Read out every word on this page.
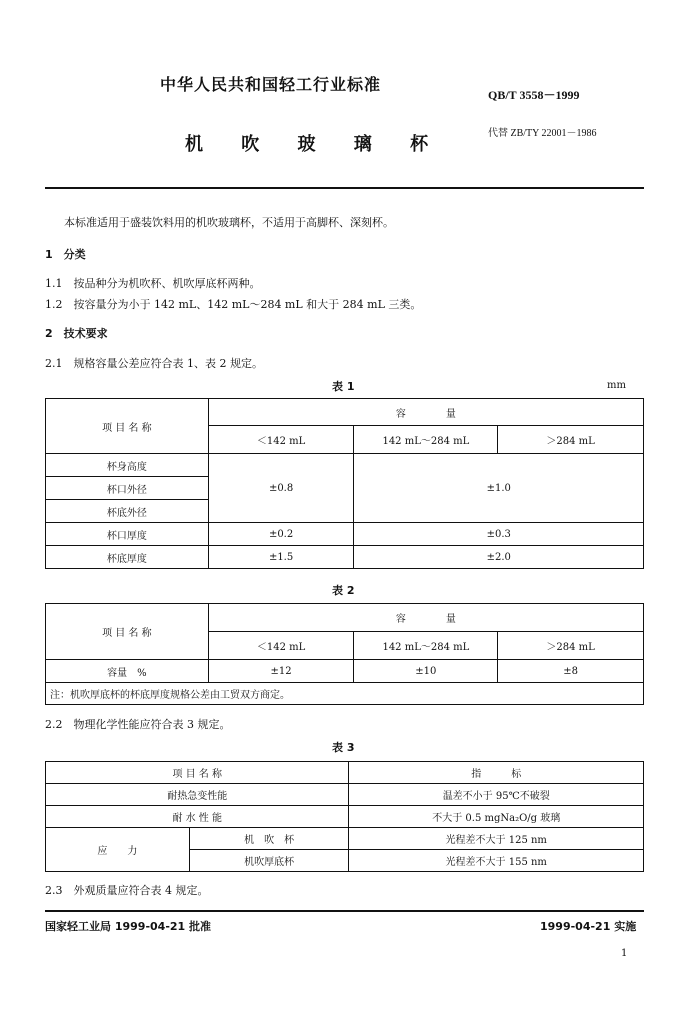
中华人民共和国轻工行业标准
QB/T 3558－1999
机 吹 玻 璃 杯
代替 ZB/TY 22001－1986
本标准适用于盛装饮料用的机吹玻璃杯，不适用于高脚杯、深刻杯。
1　分类
1.1　按品种分为机吹杯、机吹厚底杯两种。
1.2　按容量分为小于 142 mL、142 mL～284 mL 和大于 284 mL 三类。
2　技术要求
2.1　规格容量公差应符合表 1、表 2 规定。
表 1	mm
项 目 名 称	容　　　　量		
	＜142 mL	142 mL～284 mL	＞284 mL
杯身高度	±0.8	±1.0	
杯口外径			
杯底外径			
杯口厚度	±0.2	±0.3	
杯底厚度	±1.5	±2.0	
表 2
项 目 名 称	容　　　　量		
	＜142 mL	142 mL～284 mL	＞284 mL
容量　%	±12	±10	±8
注：机吹厚底杯的杯底厚度规格公差由工贸双方商定。			
2.2　物理化学性能应符合表 3 规定。
表 3
项 目 名 称		指　　　标
耐热急变性能		温差不小于 95℃不破裂
耐 水 性 能		不大于 0.5 mgNa₂O/g 玻璃
应　　力	机　吹　杯	光程差不大于 125 nm
	机吹厚底杯	光程差不大于 155 nm
2.3　外观质量应符合表 4 规定。
国家轻工业局 1999-04-21 批准	1999-04-21 实施
1
